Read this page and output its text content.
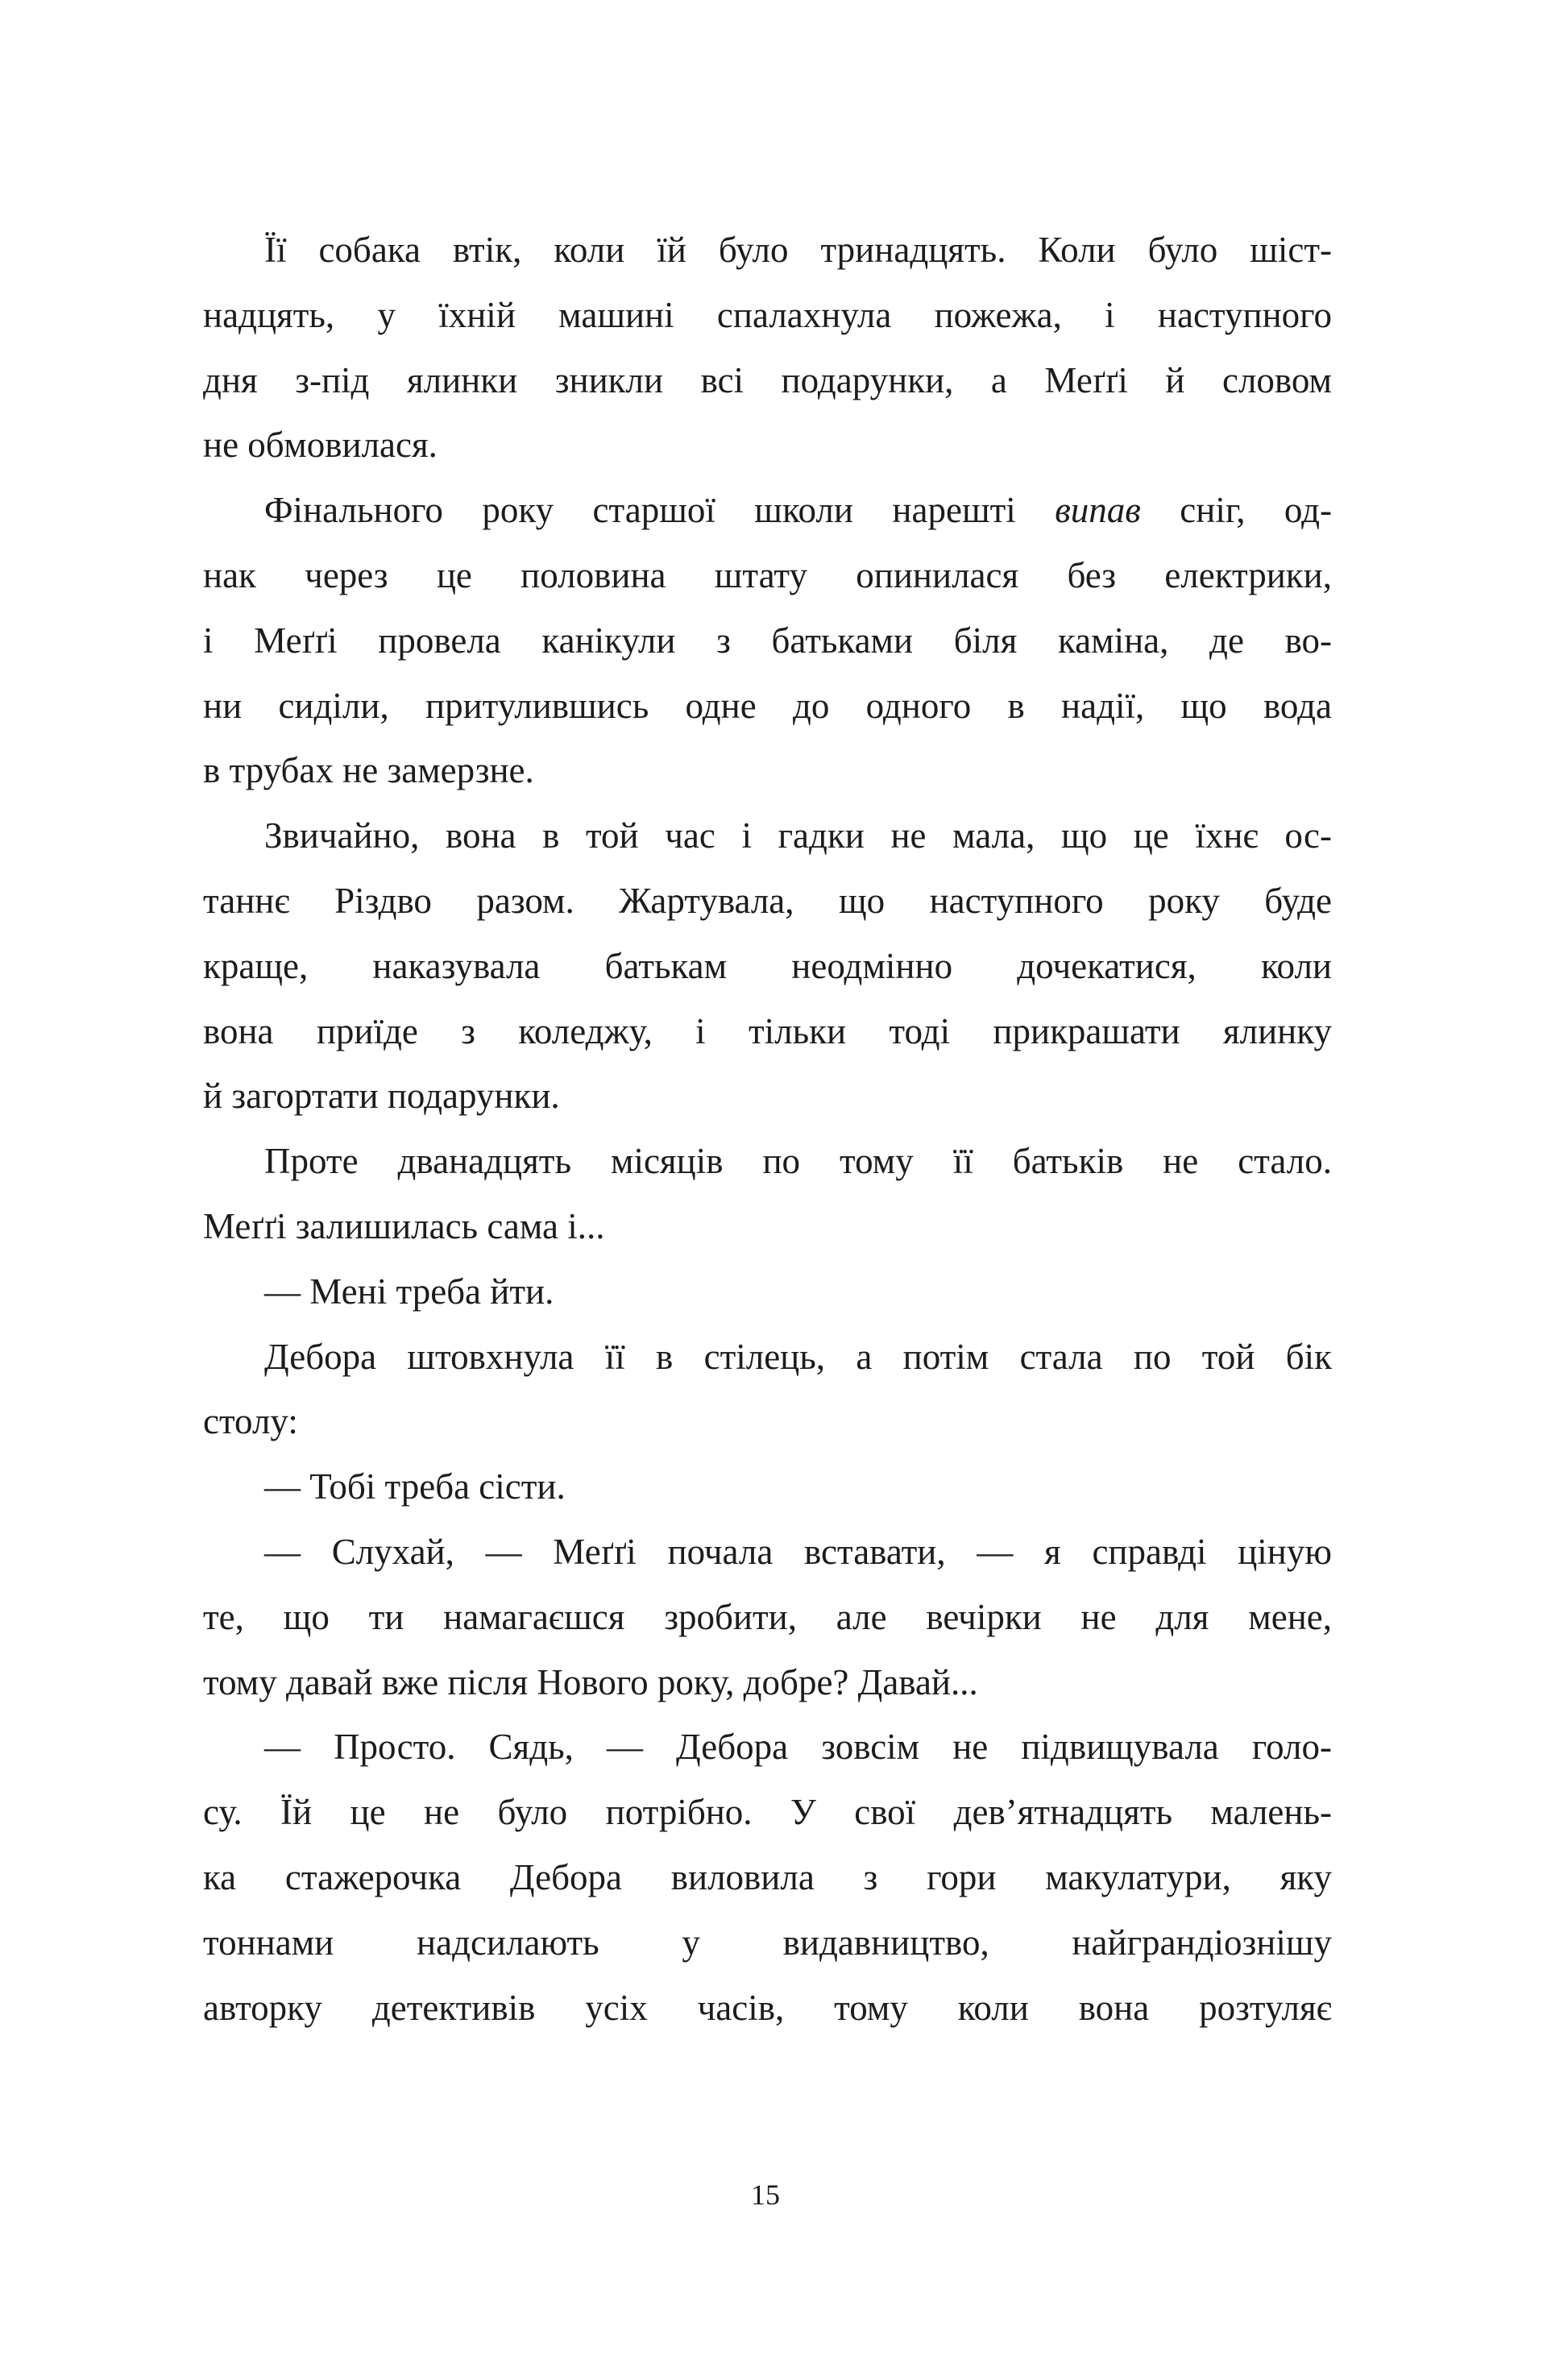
Її собака втік, коли їй було тринадцять. Коли було шіст-
надцять, у їхній машині спалахнула пожежа, і наступного
дня з-під ялинки зникли всі подарунки, а Меґґі й словом
не обмовилася.
Фінального року старшої школи нарешті випав сніг, од-
нак через це половина штату опинилася без електрики,
і Меґґі провела канікули з батьками біля каміна, де во-
ни сиділи, притулившись одне до одного в надії, що вода
в трубах не замерзне.
Звичайно, вона в той час і гадки не мала, що це їхнє ос-
таннє Різдво разом. Жартувала, що наступного року буде
краще, наказувала батькам неодмінно дочекатися, коли
вона приїде з коледжу, і тільки тоді прикрашати ялинку
й загортати подарунки.
Проте дванадцять місяців по тому її батьків не стало.
Меґґі залишилась сама і...
— Мені треба йти.
Дебора штовхнула її в стілець, а потім стала по той бік
столу:
— Тобі треба сісти.
— Слухай, — Меґґі почала вставати, — я справді ціную
те, що ти намагаєшся зробити, але вечірки не для мене,
тому давай вже після Нового року, добре? Давай...
— Просто. Сядь, — Дебора зовсім не підвищувала голо-
су. Їй це не було потрібно. У свої дев’ятнадцять малень-
ка стажерочка Дебора виловила з гори макулатури, яку
тоннами надсилають у видавництво, найграндіознішу
авторку детективів усіх часів, тому коли вона розтуляє
15
